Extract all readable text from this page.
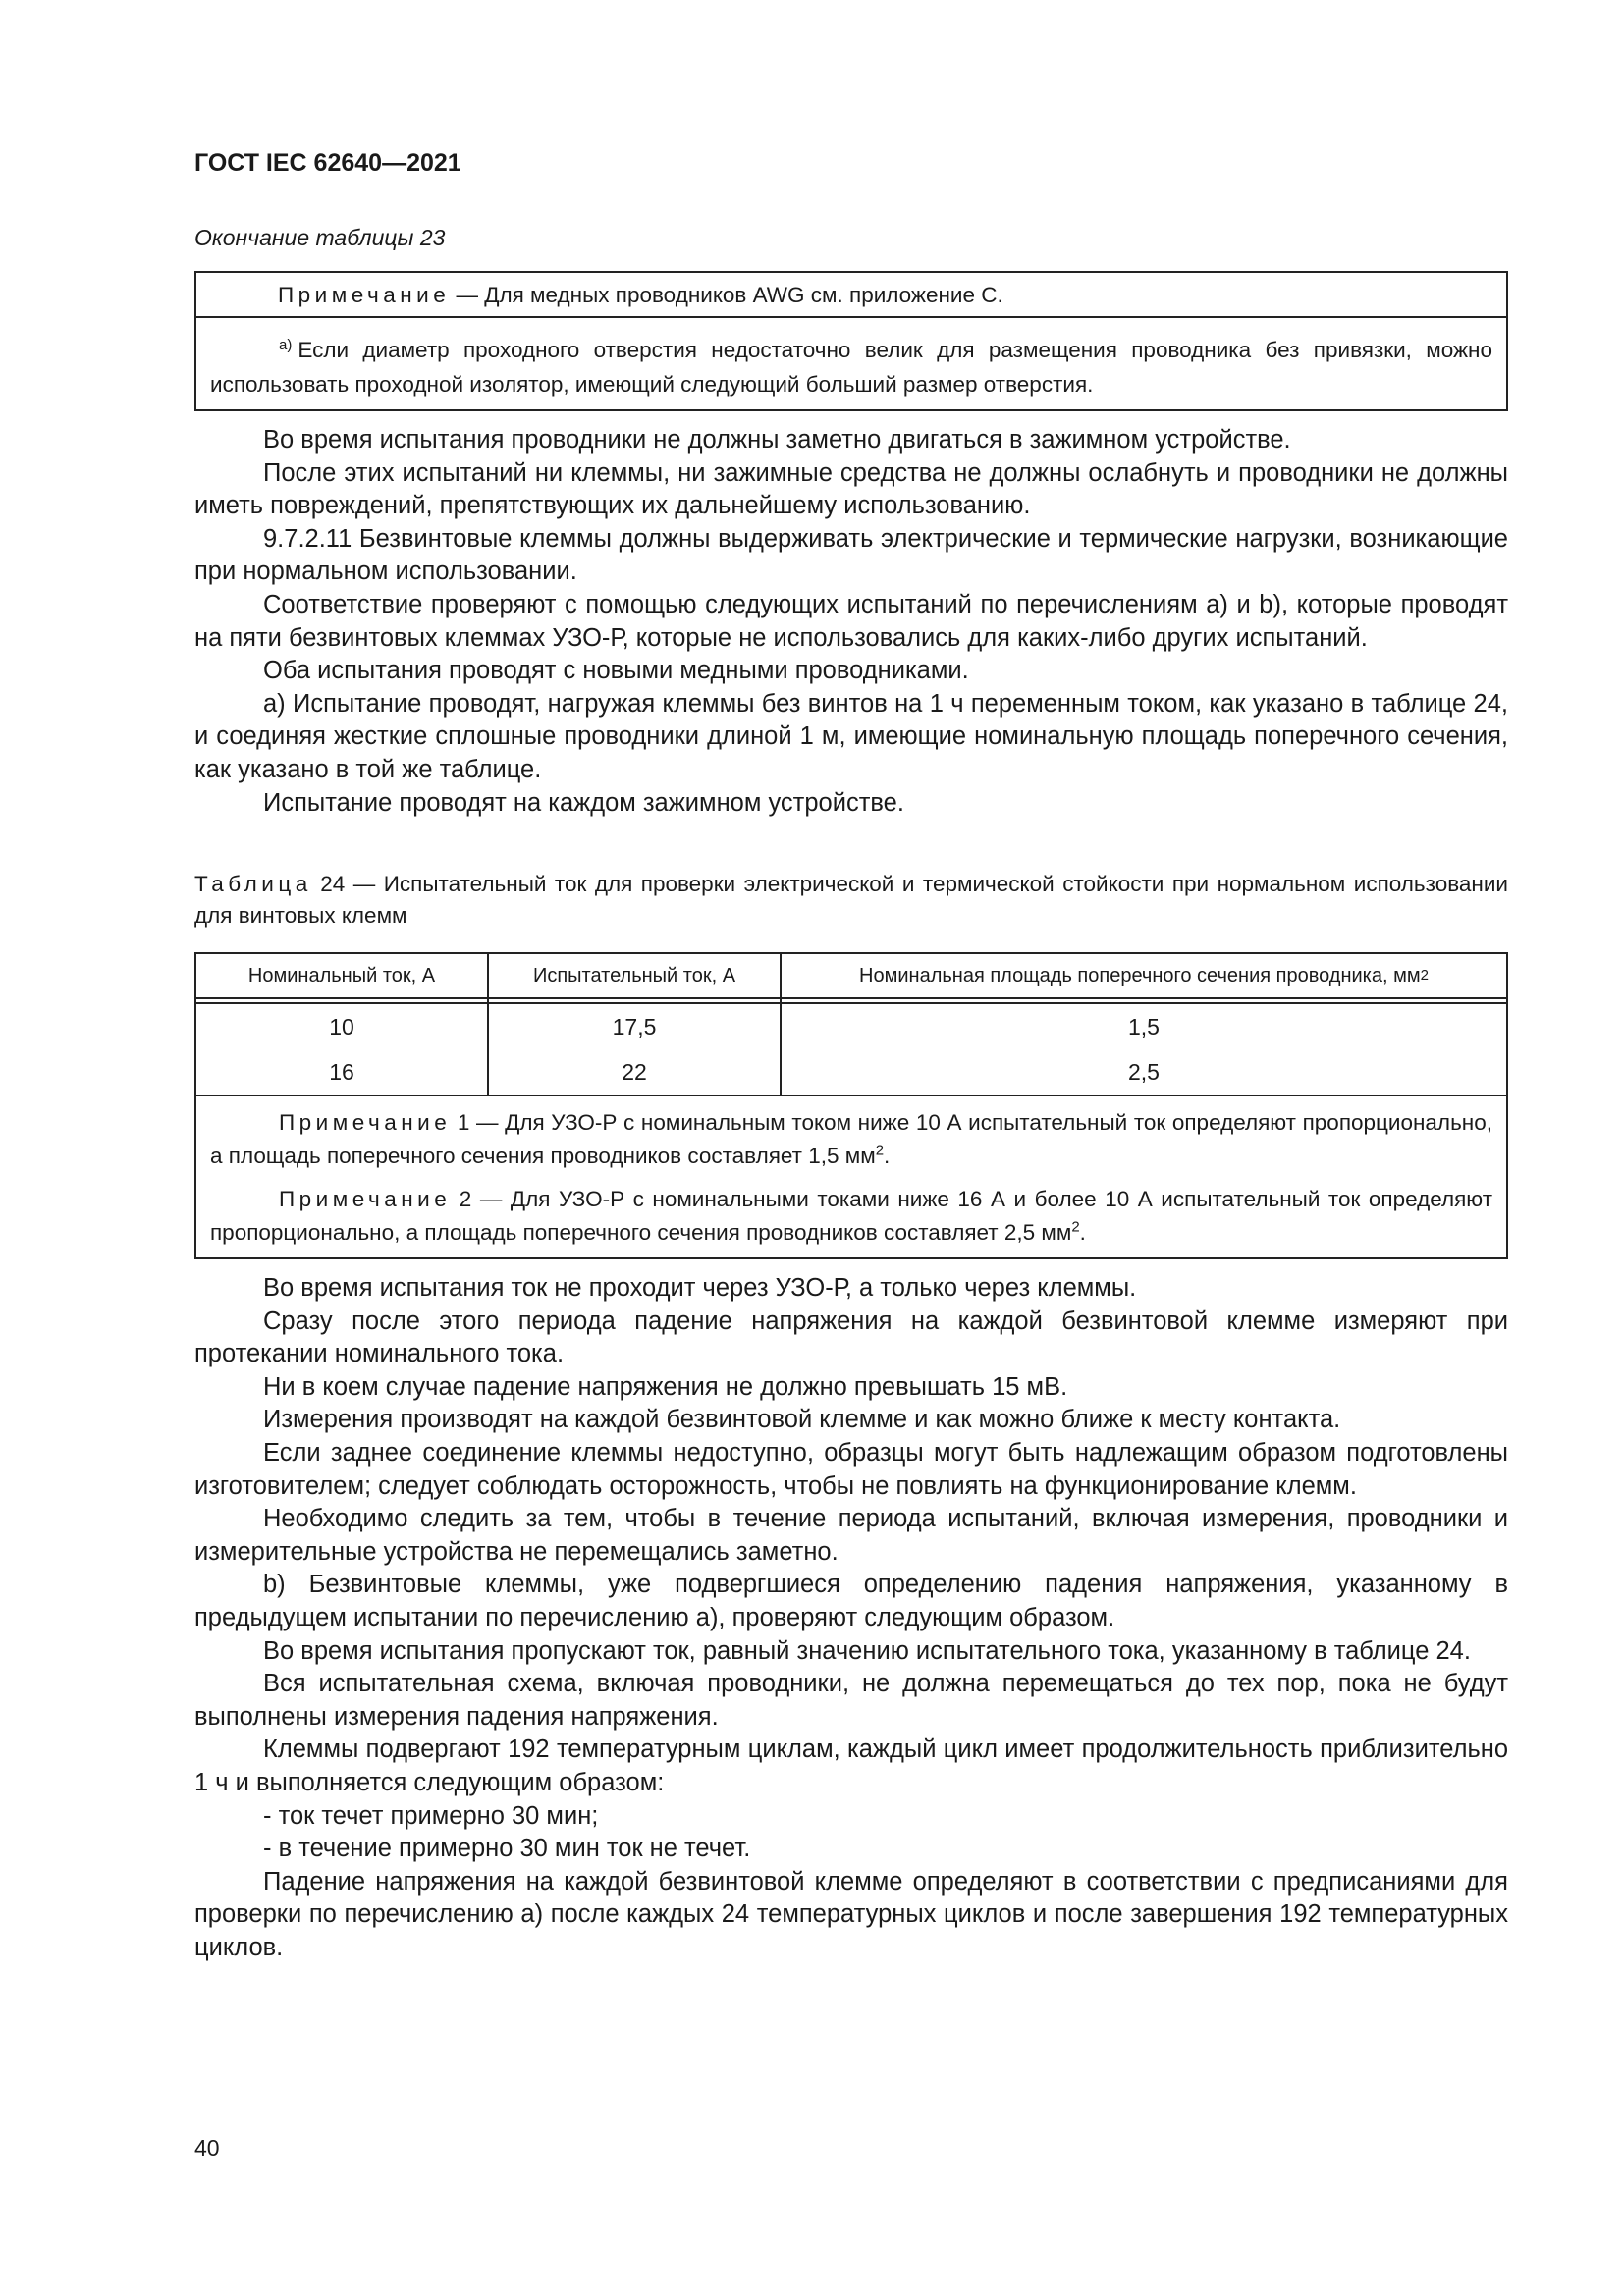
ГОСТ IEC 62640—2021
Окончание таблицы 23
Примечание — Для медных проводников AWG см. приложение С.
$^{а)}$ Если диаметр проходного отверстия недостаточно велик для размещения проводника без привязки, можно использовать проходной изолятор, имеющий следующий больший размер отверстия.

Во время испытания проводники не должны заметно двигаться в зажимном устройстве.

После этих испытаний ни клеммы, ни зажимные средства не должны ослабнуть и проводники не должны иметь повреждений, препятствующих их дальнейшему использованию.

9.7.2.11 Безвинтовые клеммы должны выдерживать электрические и термические нагрузки, возникающие при нормальном использовании.

Соответствие проверяют с помощью следующих испытаний по перечислениям а) и b), которые проводят на пяти безвинтовых клеммах УЗО-Р, которые не использовались для каких-либо других испытаний.

Оба испытания проводят с новыми медными проводниками.

а) Испытание проводят, нагружая клеммы без винтов на 1 ч переменным током, как указано в таблице 24, и соединяя жесткие сплошные проводники длиной 1 м, имеющие номинальную площадь поперечного сечения, как указано в той же таблице.

Испытание проводят на каждом зажимном устройстве.

Таблица 24 — Испытательный ток для проверки электрической и термической стойкости при нормальном использовании для винтовых клемм
Номинальный ток, А	Испытательный ток, А	Номинальная площадь поперечного сечения проводника, мм 2
10	17,5	1,5
16	22	2,5

Примечание 1 — Для УЗО-Р с номинальным током ниже 10 А испытательный ток определяют пропорционально, а площадь поперечного сечения проводников составляет 1,5 $мм^2$.

Примечание 2 — Для УЗО-Р с номинальными токами ниже 16 А и более 10 А испытательный ток определяют пропорционально, а площадь поперечного сечения проводников составляет 2,5 $мм^2$.

Во время испытания ток не проходит через УЗО-Р, а только через клеммы.

Сразу после этого периода падение напряжения на каждой безвинтовой клемме измеряют при протекании номинального тока.

Ни в коем случае падение напряжения не должно превышать 15 мВ.

Измерения производят на каждой безвинтовой клемме и как можно ближе к месту контакта.

Если заднее соединение клеммы недоступно, образцы могут быть надлежащим образом подготовлены изготовителем; следует соблюдать осторожность, чтобы не повлиять на функционирование клемм.

Необходимо следить за тем, чтобы в течение периода испытаний, включая измерения, проводники и измерительные устройства не перемещались заметно.

b) Безвинтовые клеммы, уже подвергшиеся определению падения напряжения, указанному в предыдущем испытании по перечислению а), проверяют следующим образом.

Во время испытания пропускают ток, равный значению испытательного тока, указанному в таблице 24.

Вся испытательная схема, включая проводники, не должна перемещаться до тех пор, пока не будут выполнены измерения падения напряжения.

Клеммы подвергают 192 температурным циклам, каждый цикл имеет продолжительность приблизительно 1 ч и выполняется следующим образом:

- ток течет примерно 30 мин;

- в течение примерно 30 мин ток не течет.

Падение напряжения на каждой безвинтовой клемме определяют в соответствии с предписаниями для проверки по перечислению а) после каждых 24 температурных циклов и после завершения 192 температурных циклов.

40
